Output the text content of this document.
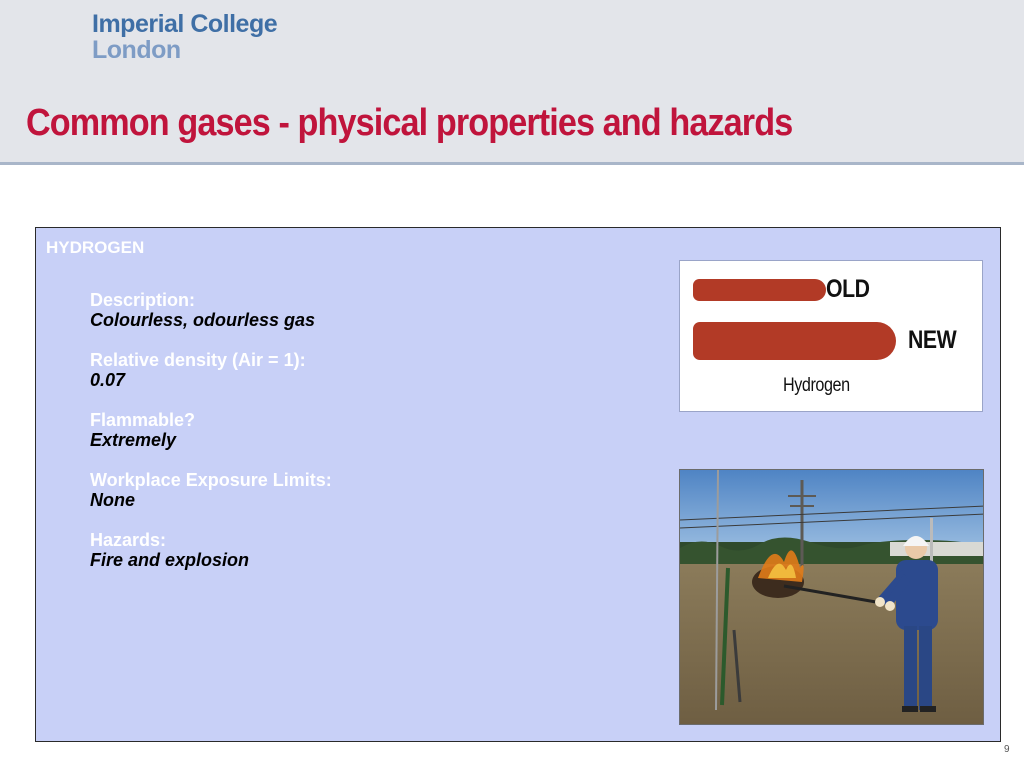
Imperial College
London
Common gases - physical properties and hazards
HYDROGEN
Description:
Colourless, odourless gas
Relative density (Air = 1):
0.07
Flammable?
Extremely
Workplace Exposure Limits:
None
Hazards:
Fire and explosion
OLD
NEW
Hydrogen
9
